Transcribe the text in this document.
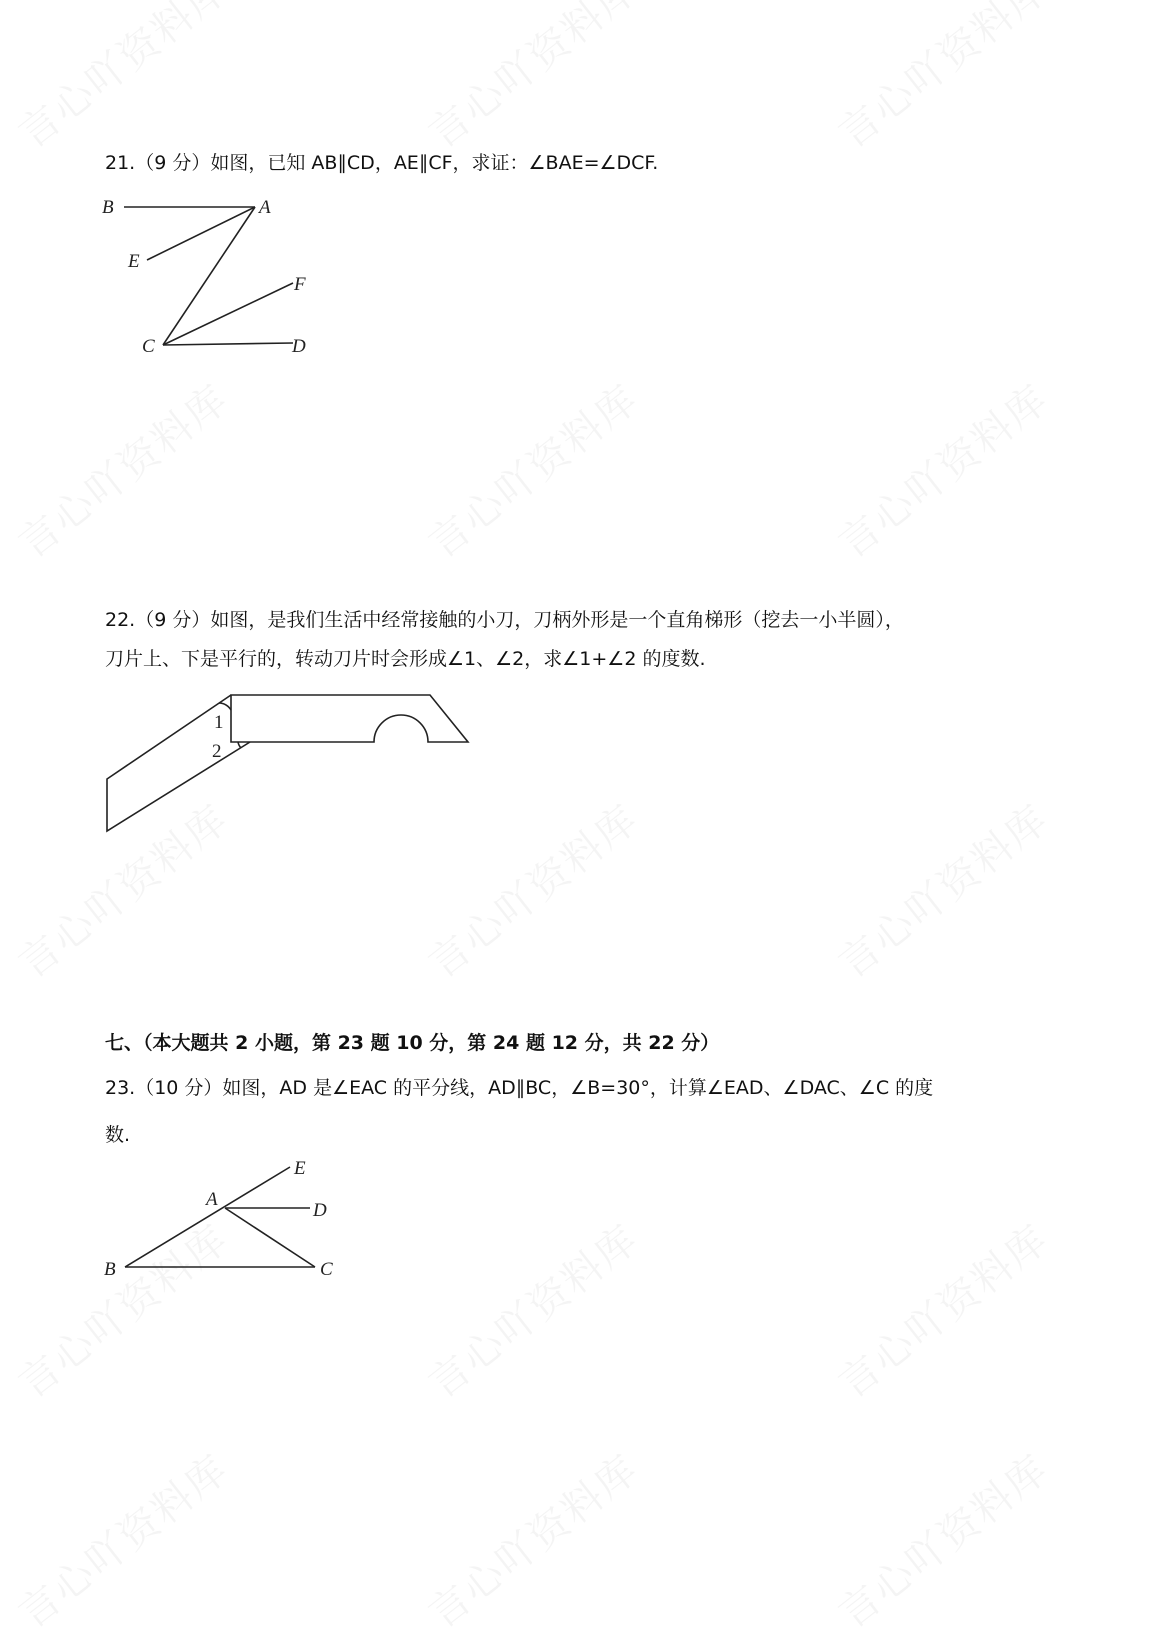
21.（9 分）如图，已知 AB∥CD，AE∥CF，求证：∠BAE=∠DCF.
B	A
E
F
C	D
22.（9 分）如图，是我们生活中经常接触的小刀，刀柄外形是一个直角梯形（挖去一小半圆），
刀片上、下是平行的，转动刀片时会形成∠1、∠2，求∠1+∠2 的度数.
1
2
七、（本大题共 2 小题，第 23 题 10 分，第 24 题 12 分，共 22 分）
23.（10 分）如图，AD 是∠EAC 的平分线，AD∥BC，∠B=30°，计算∠EAD、∠DAC、∠C 的度
数.
B	C
A
E
D
